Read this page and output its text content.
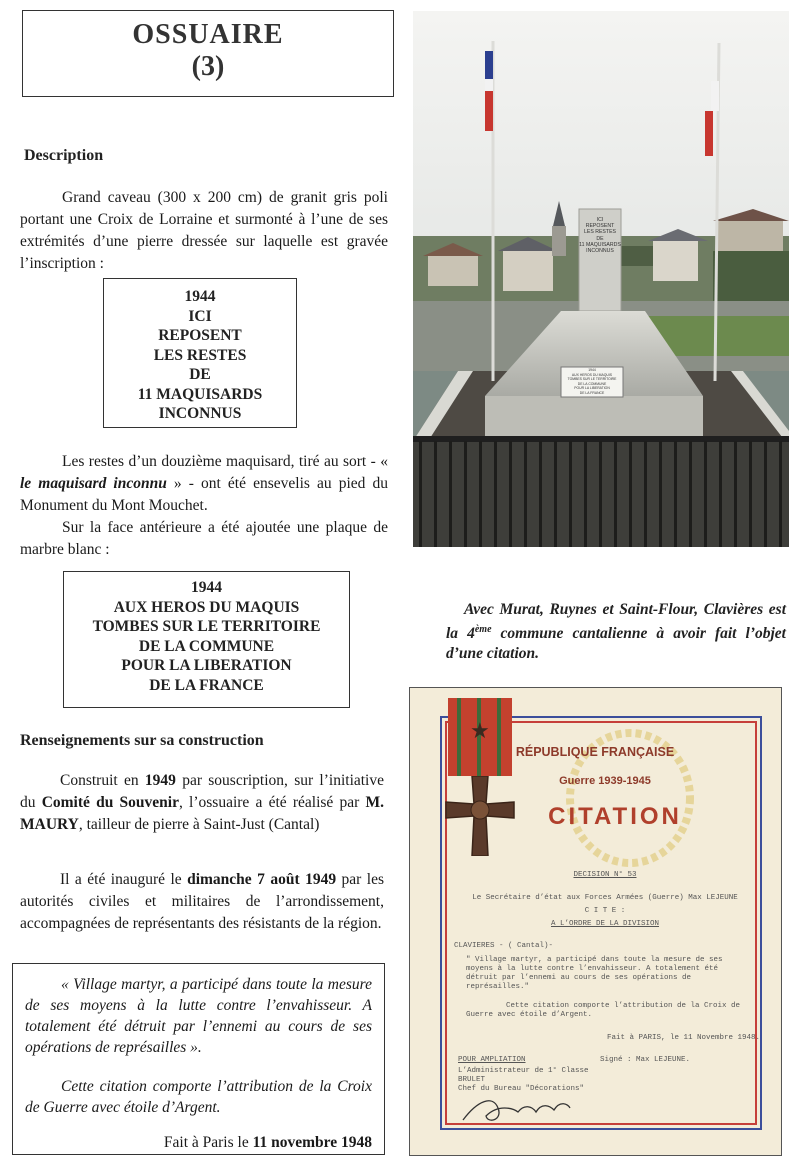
OSSUAIRE
(3)
Description

Grand caveau (300 x 200 cm) de granit gris poli portant une Croix de Lorraine et surmonté à l’une de ses extrémités d’une pierre dressée sur laquelle est gravée l’inscription :

1944
ICI
REPOSENT
LES RESTES
DE
11 MAQUISARDS
INCONNUS

Les restes d’un douzième maquisard, tiré au sort - « le maquisard inconnu » - ont été ensevelis au pied du Monument du Mont Mouchet.

Sur la face antérieure a été ajoutée une plaque de marbre blanc :

1944
AUX HEROS DU MAQUIS
TOMBES SUR LE TERRITOIRE
DE LA COMMUNE
POUR LA LIBERATION
DE LA FRANCE
Renseignements sur sa construction

Construit en 1949 par souscription, sur l’initiative du Comité du Souvenir, l’ossuaire a été réalisé par M. MAURY, tailleur de pierre à Saint-Just (Cantal)

Il a été inauguré le dimanche 7 août 1949 par les autorités civiles et militaires de l’arrondissement, accompagnées de représentants des résistants de la région.

« Village martyr, a participé dans toute la mesure de ses moyens à la lutte contre l’envahisseur. A totalement été détruit par l’ennemi au cours de ses opérations de représailles ».

Cette citation comporte l’attribution de la Croix de Guerre avec étoile d’Argent.

Fait à Paris le 11 novembre 1948
ICI
REPOSENT
LES RESTES
DE
11 MAQUISARDS
INCONNUS
1944
AUX HEROS DU MAQUIS
TOMBES SUR LE TERRITOIRE
DE LA COMMUNE
POUR LA LIBERATION
DE LA FRANCE
Avec Murat, Ruynes et Saint-Flour, Clavières est la 4ème commune cantalienne à avoir fait l’objet d’une citation.
★
RÉPUBLIQUE FRANÇAISE
Guerre 1939-1945
CITATION
DECISION N° 53
Le Secrétaire d’état aux Forces Armées (Guerre) Max LEJEUNE
C I T E :
A L’ORDRE DE LA DIVISION
CLAVIERES - ( Cantal)-
" Village martyr, a participé dans toute la mesure de ses moyens à la lutte contre l’envahisseur. A totalement été détruit par l’ennemi au cours de ses opérations de représailles."
Cette citation comporte l’attribution de la Croix de Guerre avec étoile d’Argent.
Fait à PARIS, le 11 Novembre 1948.
POUR AMPLIATION	Signé : Max LEJEUNE.
L’Administrateur de 1° Classe
BRULET
Chef du Bureau "Décorations"
